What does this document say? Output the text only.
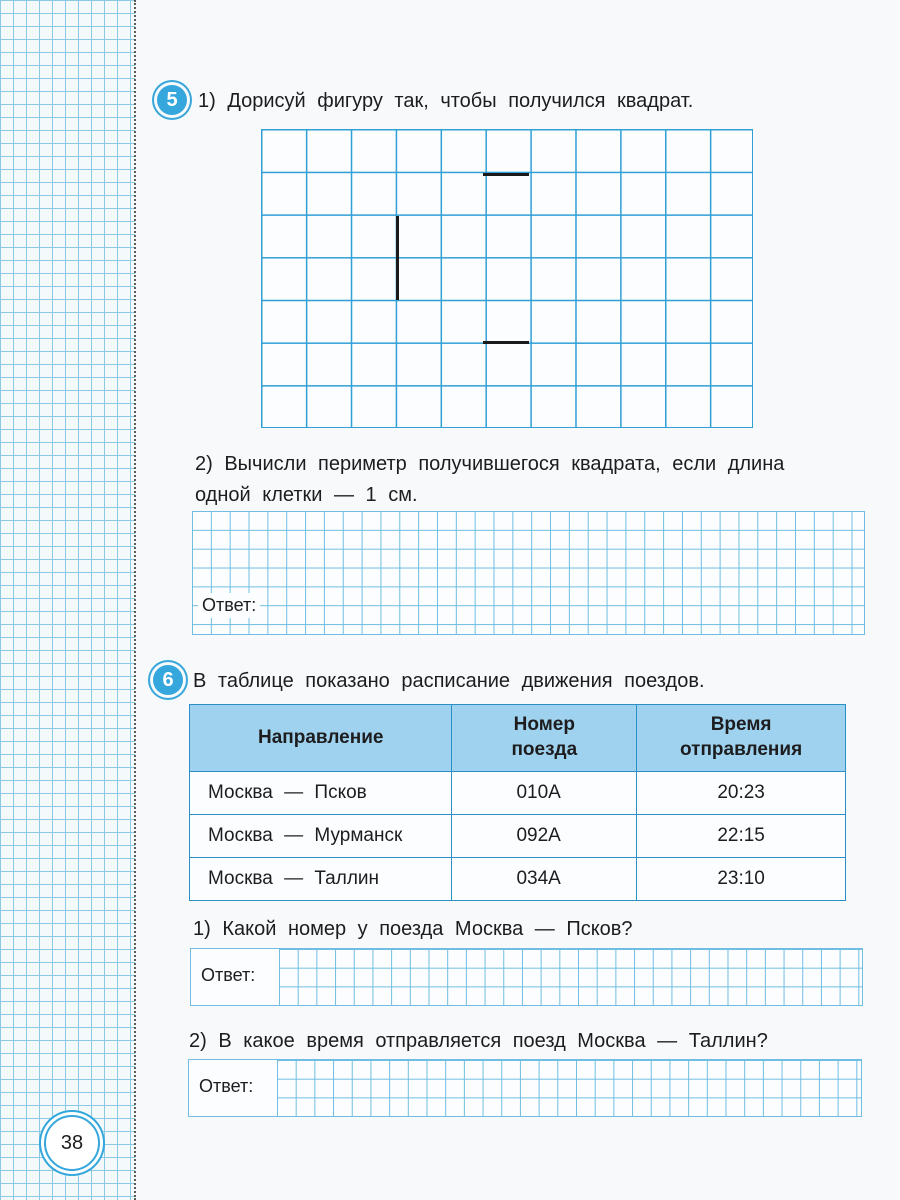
5 1) Дорисуй фигуру так, чтобы получился квадрат.
2) Вычисли периметр получившегося квадрата, если длина
одной клетки — 1 см.
Ответ:
6 В таблице показано расписание движения поездов.
Направление	Номер поезда	Время отправления
Москва — Псков	010А	20:23
Москва — Мурманск	092А	22:15
Москва — Таллин	034А	23:10
1) Какой номер у поезда Москва — Псков?
Ответ:
2) В какое время отправляется поезд Москва — Таллин?
Ответ:
38
